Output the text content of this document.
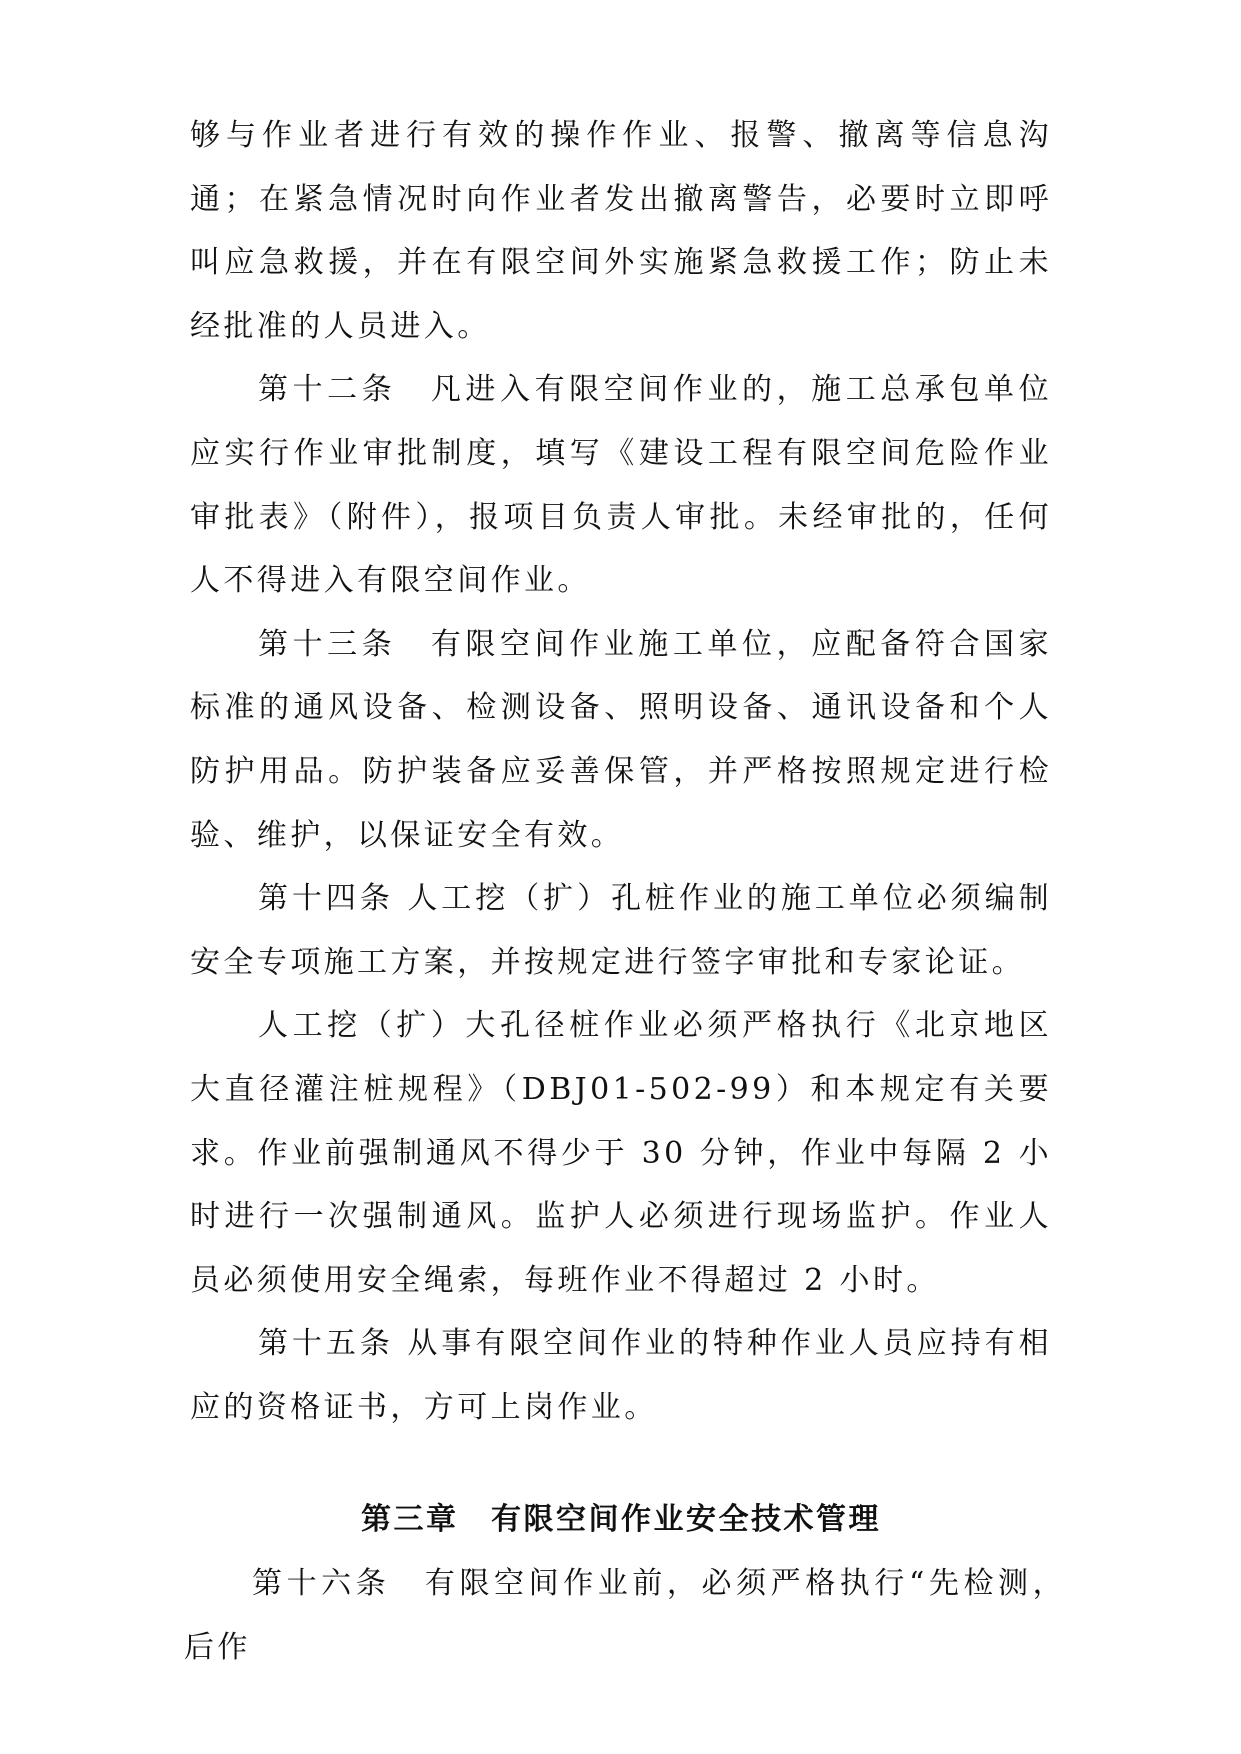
够与作业者进行有效的操作作业、报警、撤离等信息沟通；在紧急情况时向作业者发出撤离警告，必要时立即呼叫应急救援，并在有限空间外实施紧急救援工作；防止未经批准的人员进入。

第十二条　凡进入有限空间作业的，施工总承包单位应实行作业审批制度，填写《建设工程有限空间危险作业审批表》（附件），报项目负责人审批。未经审批的，任何人不得进入有限空间作业。

第十三条　有限空间作业施工单位，应配备符合国家标准的通风设备、检测设备、照明设备、通讯设备和个人防护用品。防护装备应妥善保管，并严格按照规定进行检验、维护，以保证安全有效。

第十四条 人工挖（扩）孔桩作业的施工单位必须编制安全专项施工方案，并按规定进行签字审批和专家论证。

人工挖（扩）大孔径桩作业必须严格执行《北京地区大直径灌注桩规程》（DBJ01-502-99）和本规定有关要求。作业前强制通风不得少于 30 分钟，作业中每隔 2 小时进行一次强制通风。监护人必须进行现场监护。作业人员必须使用安全绳索，每班作业不得超过 2 小时。

第十五条 从事有限空间作业的特种作业人员应持有相应的资格证书，方可上岗作业。

第三章　有限空间作业安全技术管理

第十六条　有限空间作业前，必须严格执行“先检测，后作
